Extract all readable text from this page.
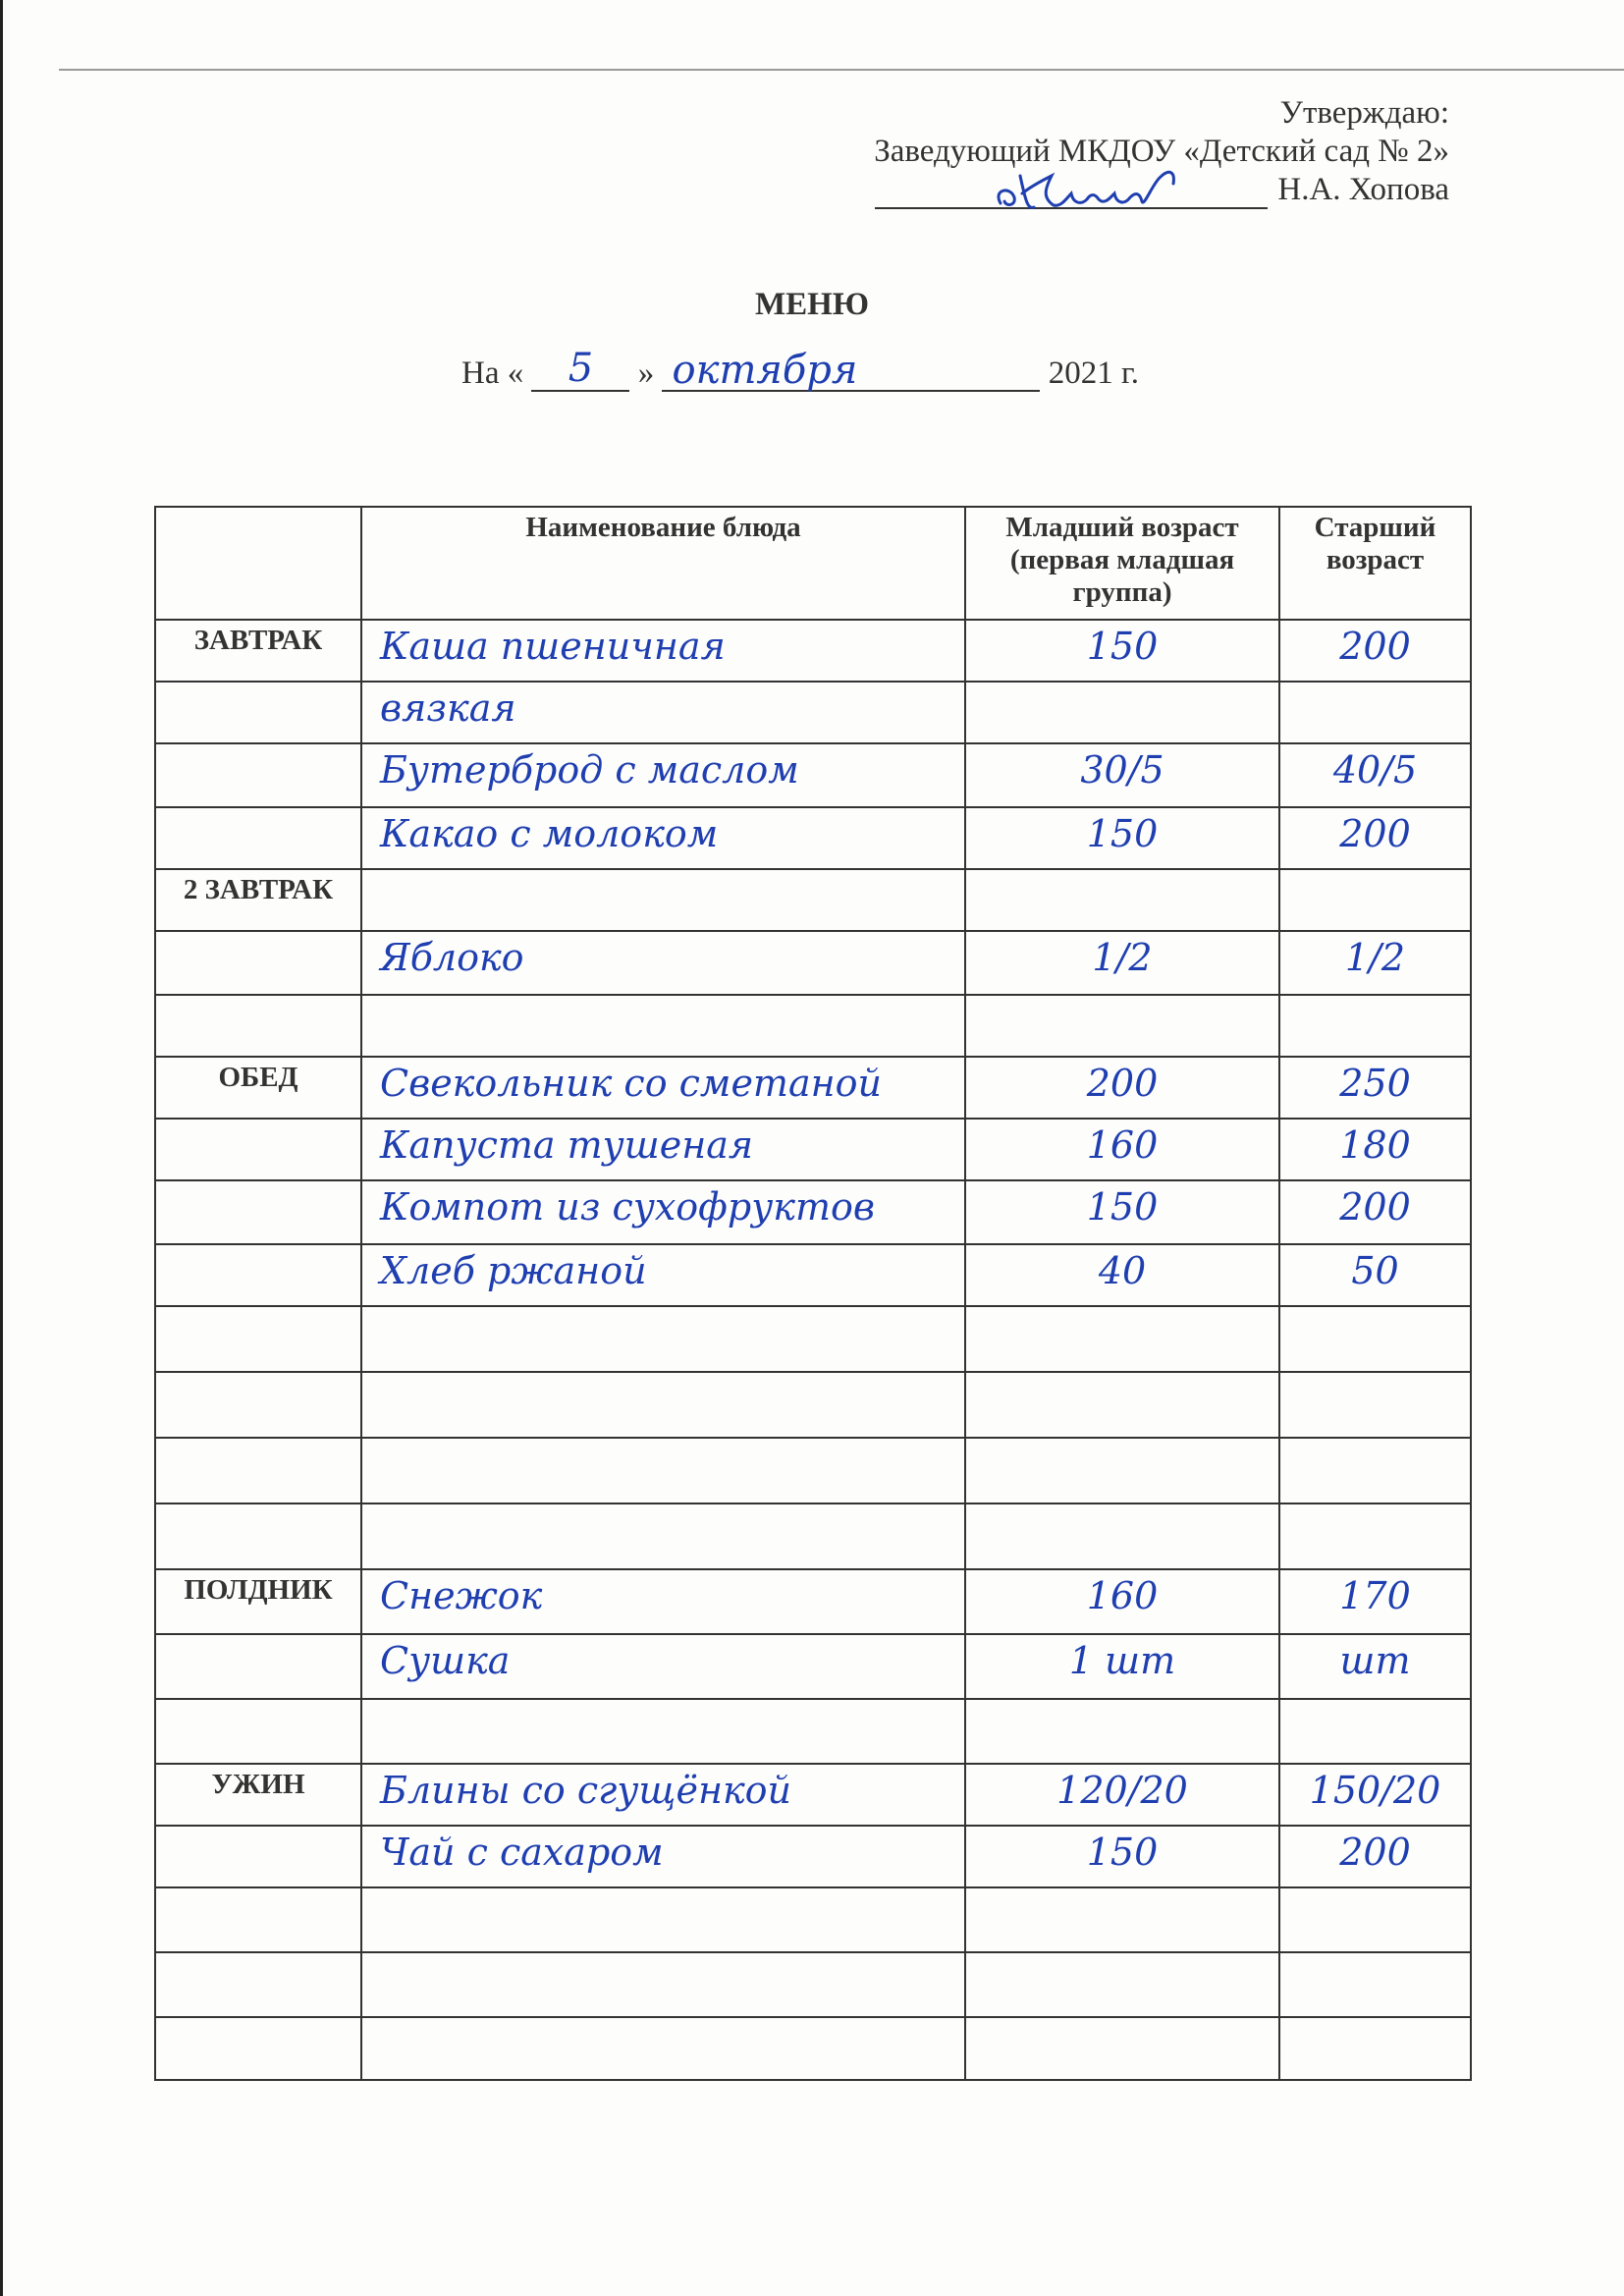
Утверждаю:
Заведующий МКДОУ «Детский сад № 2»
Н.А. Хопова
МЕНЮ
На « 5 » октября	2021 г.
	Наименование блюда	Младший возраст (первая младшая группа)	Старший возраст
ЗАВТРАК	Каша пшеничная	150	200

	вязкая		

	Бутерброд с маслом	30/5	40/5

	Какао с молоком	150	200

2 ЗАВТРАК	

	Яблоко	1/2	1/2

ОБЕД	Свекольник со сметаной	200	250

	Капуста тушеная	160	180

	Компот из сухофруктов	150	200

	Хлеб ржаной	40	50

ПОЛДНИК	Снежок	160	170

	Сушка	1 шт	шт

УЖИН	Блины со сгущёнкой	120/20	150/20

	Чай с сахаром	150	200
